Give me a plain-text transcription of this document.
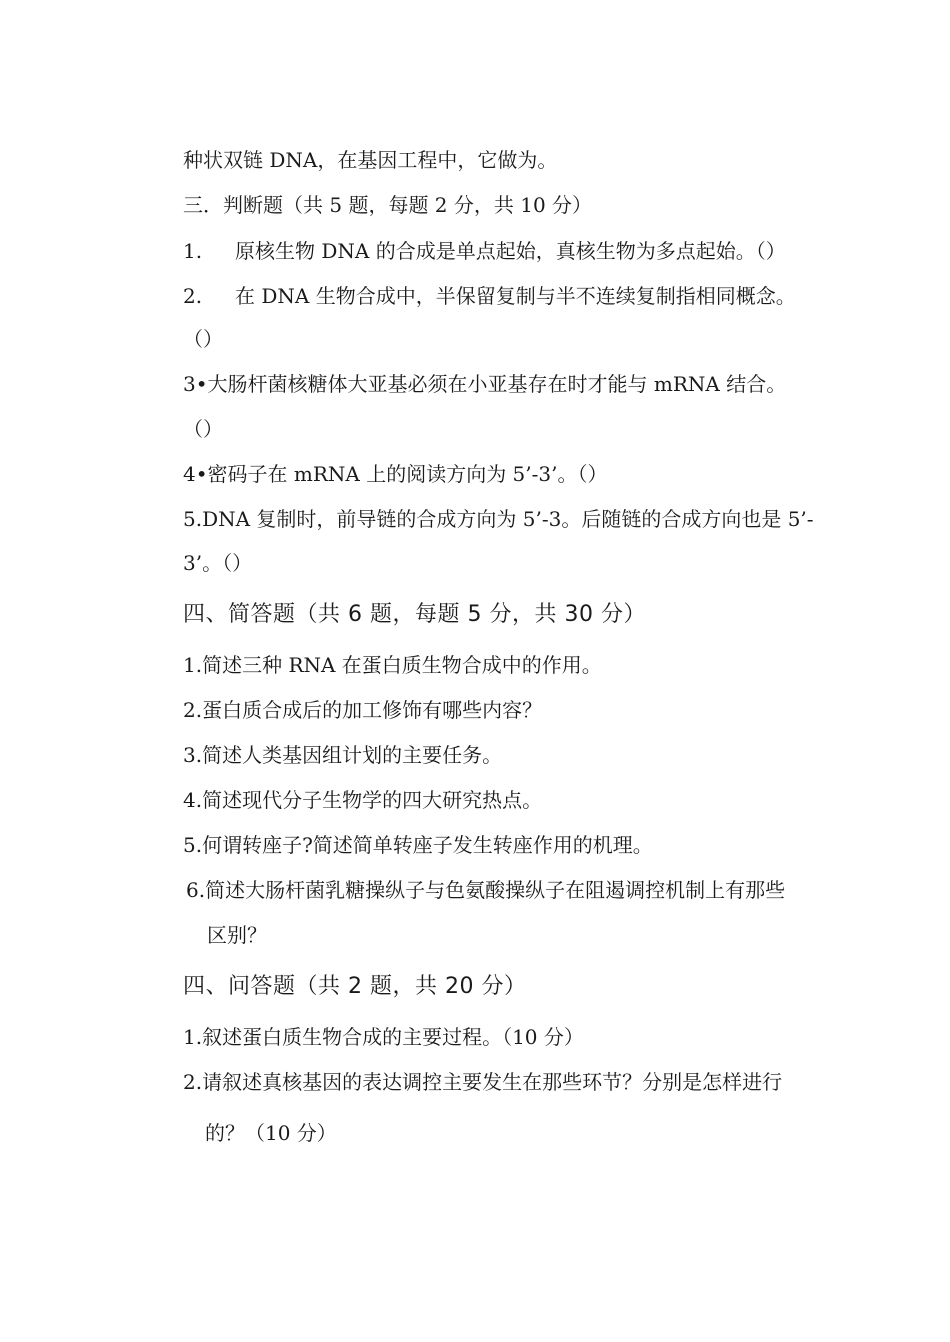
种状双链 DNA，在基因工程中，它做为。
三．判断题（共 5 题，每题 2 分，共 10 分）
1. 原核生物 DNA 的合成是单点起始，真核生物为多点起始。（）
2. 在 DNA 生物合成中，半保留复制与半不连续复制指相同概念。
（）
3•大肠杆菌核糖体大亚基必须在小亚基存在时才能与 mRNA 结合。
（）
4•密码子在 mRNA 上的阅读方向为 5’-3’。（）
5.DNA 复制时，前导链的合成方向为 5’-3。后随链的合成方向也是 5’-
3’。（）
四、简答题（共 6 题，每题 5 分，共 30 分）
1.简述三种 RNA 在蛋白质生物合成中的作用。
2.蛋白质合成后的加工修饰有哪些内容？
3.简述人类基因组计划的主要任务。
4.简述现代分子生物学的四大研究热点。
5.何谓转座子?简述简单转座子发生转座作用的机理。
6.简述大肠杆菌乳糖操纵子与色氨酸操纵子在阻遏调控机制上有那些
区别？
四、问答题（共 2 题，共 20 分）
1.叙述蛋白质生物合成的主要过程。（10 分）
2.请叙述真核基因的表达调控主要发生在那些环节？分别是怎样进行
的？（10 分）
